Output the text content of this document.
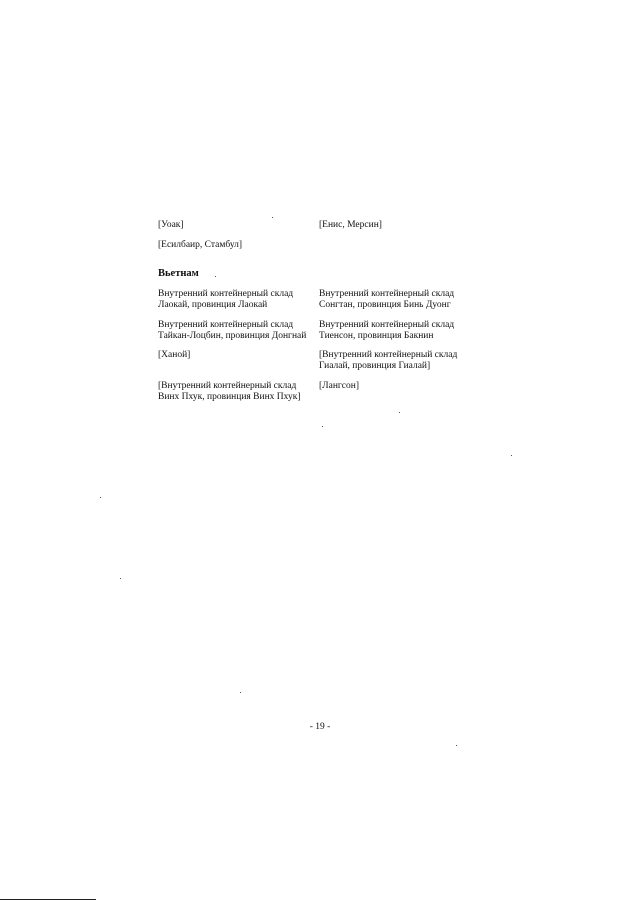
[Уоак]	[Енис, Мерсин]
[Есилбаир, Стамбул]
Вьетнам
Внутренний контейнерный склад
Лаокай, провинция Лаокай
Внутренний контейнерный склад
Сонгтан, провинция Бинь Дуонг
Внутренний контейнерный склад
Тайкан-Лоцбин, провинция Донгнай
Внутренний контейнерный склад
Тиенсон, провинция Бакнин
[Ханой]	[Внутренний контейнерный склад
Гиалай, провинция Гиалай]
[Внутренний контейнерный склад
Винх Пхук, провинция Винх Пхук]
[Лангсон]
- 19 -
